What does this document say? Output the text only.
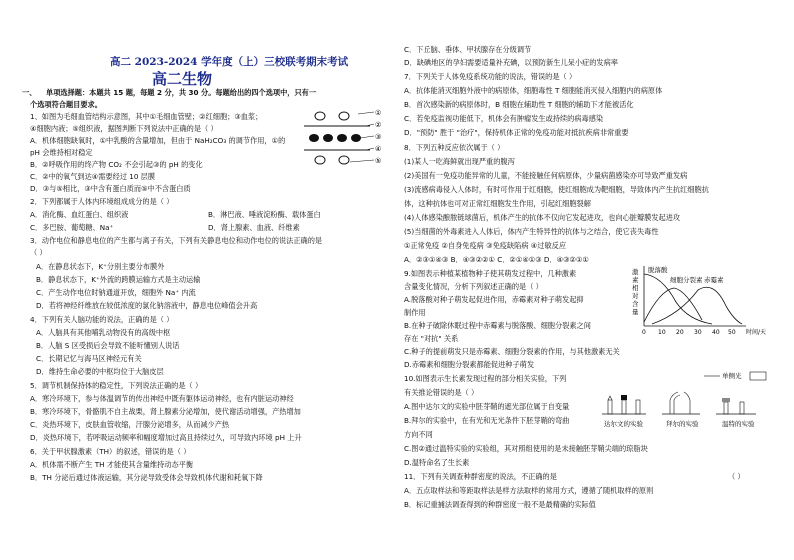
高二 2023-2024 学年度（上）三校联考期末考试
高二生物
一、 单项选择题：本题共 15 题，每题 2 分，共 30 分。每题给出的四个选项中，只有一
个选项符合题目要求。
1、如图为毛细血管结构示意图，其中①毛细血管壁；②红细胞；③血浆；
④细胞内液；⑤组织液，据图判断下列说法中正确的是（ ）
A．机体细胞缺氧时，①中乳酸的含量增加，但由于 NaH₂CO₃ 的调节作用，①的
pH 会维持相对稳定
B．②呼吸作用的终产物 CO₂ 不会引起③的 pH 的变化
C．②中的氧气到达④需要经过 10 层膜
D．③与⑤相比，③中含有蛋白质而⑤中不含蛋白质
2．下列都属于人体内环境组成成分的是（ ）
A．消化酶、血红蛋白、组织液	B．淋巴液、唾液淀粉酶、载体蛋白
C．多巴胺、葡萄糖、Na⁺	D．肾上腺素、血液、纤维素
3．动作电位和静息电位的产生都与离子有关，下列有关静息电位和动作电位的说法正确的是
（ ）
A．在静息状态下，K⁺分别主要分布膜外
B．静息状态下，K⁺外流的跨膜运输方式是主动运输
C．产生动作电位时钠通道开放，细胞外 Na⁺ 内流
D．若将神经纤维放在较低浓度的氯化钠溶液中，静息电位峰值会升高
4．下列有关人脑功能的说法，正确的是（ ）
A．人脑具有其他哺乳动物没有的高级中枢
B．人脑 S 区受损后会导致不能听懂别人说话
C．长期记忆与海马区神经元有关
D．维持生命必要的中枢均位于大脑皮层
5．调节机制保持体的稳定性，下列说法正确的是（ ）
A．寒冷环境下，参与体温调节的传出神经中既有躯体运动神经，也有内脏运动神经
B．寒冷环境下，骨骼肌不自主战栗，肾上腺素分泌增加，使代谢活动增强，产热增加
C．炎热环境下，皮肤血管收缩，汗腺分泌增多，从而减少产热
D．炎热环境下，若呼吸运动频率和幅度增加过高且持续过久，可导致内环境 pH 上升
6．关于甲状腺激素（TH）的叙述，错误的是（ ）
A．机体需不断产生 TH 才能使其含量维持动态平衡
B．TH 分泌后通过体液运输，其分泌导致受体会导致机体代谢和耗氧下降
①
②
③
④
⑤
C．下丘脑、垂体、甲状腺存在分级调节
D．缺碘地区的孕妇需要适量补充碘，以预防新生儿呆小症的发病率
7．下列关于人体免疫系统功能的说法，错误的是（ ）
A．抗体能消灭细胞外液中的病原体，细胞毒性 T 细胞能消灭侵入细胞内的病原体
B．首次感染新的病原体时，B 细胞在辅助性 T 细胞的辅助下才能被活化
C．若免疫监视功能低下，机体会有肿瘤发生或持续的病毒感染
D．"预防" 胜于 "治疗"，保持机体正常的免疫功能对抵抗疾病非常重要
8．下列五种反应依次属于（ ）
(1)某人一吃海鲜就出现严重的腹泻
(2)美国有一免疫功能异常的儿童，不能接触任何病原体，少量病菌感染亦可导致严重发病
(3)流感病毒侵入人体时，有时可作用于红细胞，使红细胞成为靶细胞，导致体内产生抗红细胞抗
体，这种抗体也可对正常红细胞发生作用，引起红细胞裂解
(4)人体感染酿脓链球菌后，机体产生的抗体不仅向它发起进攻，也向心脏瓣膜发起进攻
(5)当细菌的外毒素进入人体后，体内产生特异性的抗体与之结合，使它丧失毒性
①正常免疫 ②自身免疫病 ③免疫缺陷病 ④过敏反应
A．②③①④③ B．④③②②① C．②①④①③ D．④③②①①
9.如图表示种植某植物种子使其萌发过程中，几种激素
含量变化情况，分析下列叙述正确的是（ ）
A.脱落酸对种子萌发起促进作用，赤霉素对种子萌发起抑
制作用
B.在种子破除休眠过程中赤霉素与脱落酸、细胞分裂素之间
存在 "对抗" 关系
C.种子的提前萌发只是赤霉素、细胞分裂素的作用，与其他激素无关
D.赤霉素和细胞分裂素都能促进种子萌发
10.如图表示生长素发现过程的部分相关实验，下列
有关推论错误的是（ ）
A.图中达尔文的实验中胚芽鞘的遮光部位属于自变量
B.拜尔的实验中，在有光和无光条件下胚芽鞘的弯曲
方向不同
C.图②通过温特实验的实验组，其对照组使用的是未接触胚芽鞘尖端的琼脂块
D.温特命名了生长素
11．下列有关调查种群密度的说法，不正确的是	（ ）
A．五点取样法和等距取样法是样方法取样的常用方式，遵循了随机取样的原则
B．标记重捕法调查得到的种群密度一般不是最精确的实际值
激
素
相
对
含
量
脱落酸
细胞分裂素 赤霉素
0 10 20 30 40 50 时间/天
单侧光
达尔文的实验	拜尔的实验	温特的实验
